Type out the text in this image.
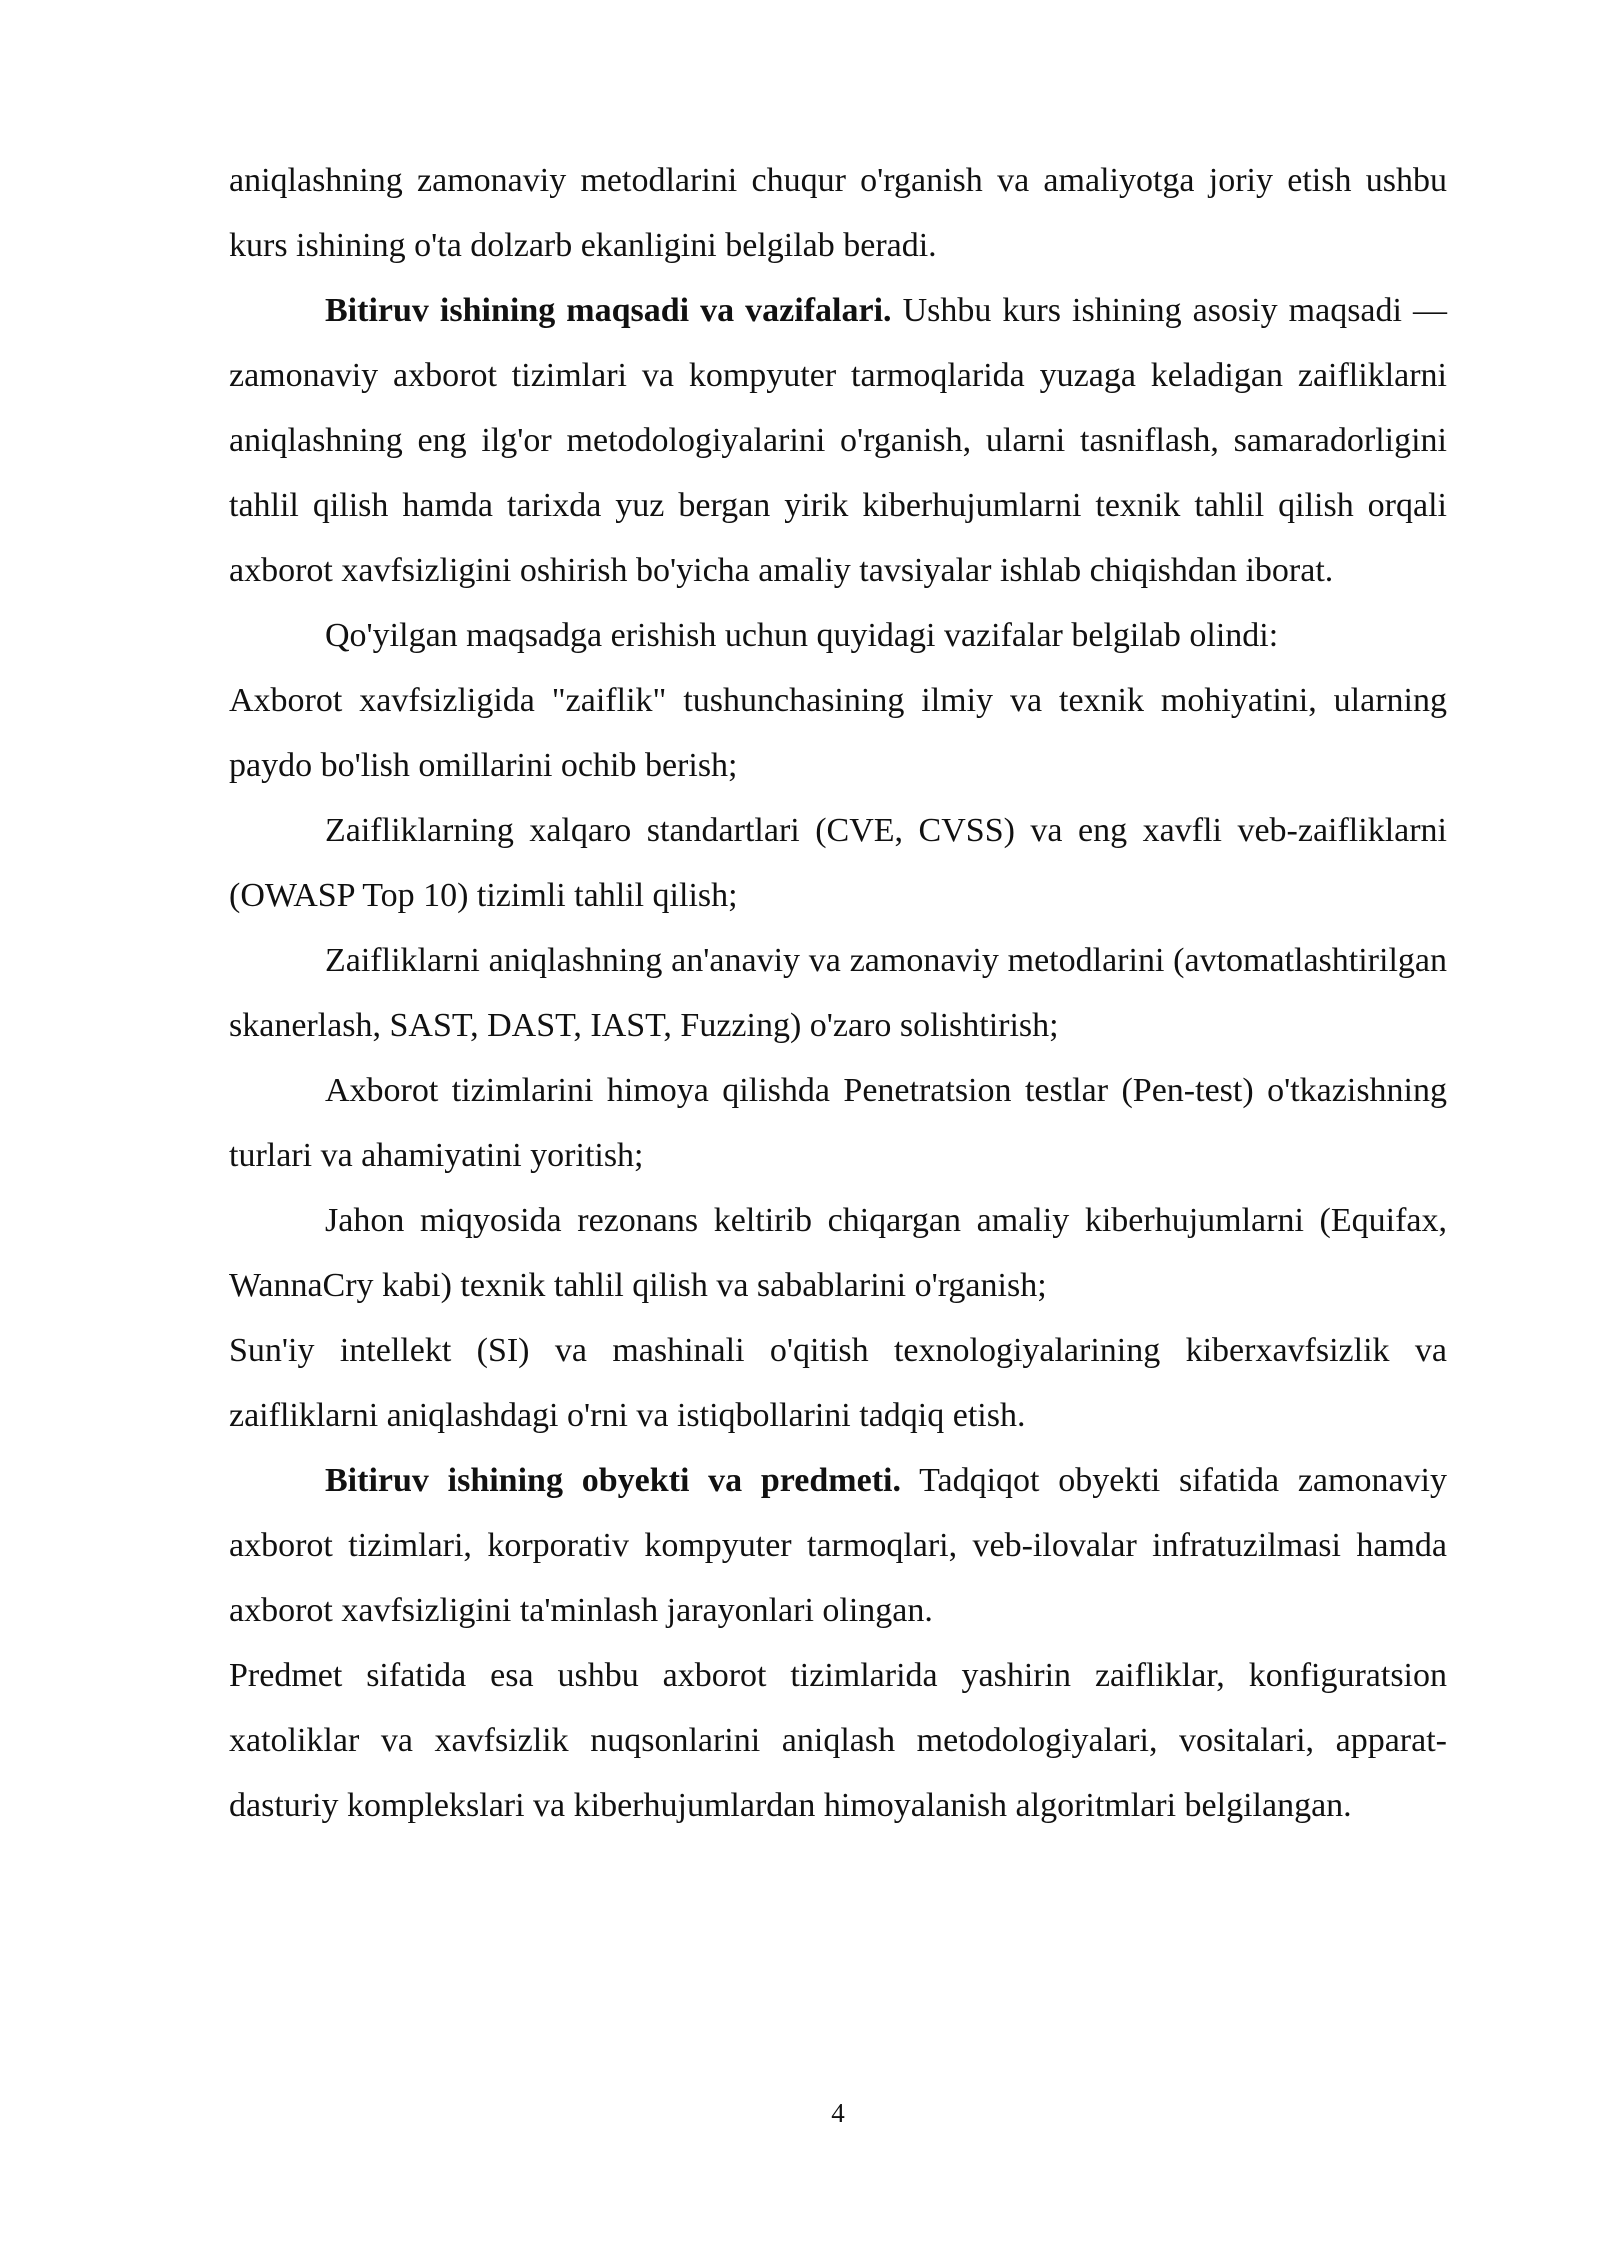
aniqlashning zamonaviy metodlarini chuqur o'rganish va amaliyotga joriy etish ushbu kurs ishining o'ta dolzarb ekanligini belgilab beradi.

Bitiruv ishining maqsadi va vazifalari. Ushbu kurs ishining asosiy maqsadi — zamonaviy axborot tizimlari va kompyuter tarmoqlarida yuzaga keladigan zaifliklarni aniqlashning eng ilg'or metodologiyalarini o'rganish, ularni tasniflash, samaradorligini tahlil qilish hamda tarixda yuz bergan yirik kiberhujumlarni texnik tahlil qilish orqali axborot xavfsizligini oshirish bo'yicha amaliy tavsiyalar ishlab chiqishdan iborat.

Qo'yilgan maqsadga erishish uchun quyidagi vazifalar belgilab olindi:

Axborot xavfsizligida "zaiflik" tushunchasining ilmiy va texnik mohiyatini, ularning paydo bo'lish omillarini ochib berish;

Zaifliklarning xalqaro standartlari (CVE, CVSS) va eng xavfli veb-zaifliklarni (OWASP Top 10) tizimli tahlil qilish;

Zaifliklarni aniqlashning an'anaviy va zamonaviy metodlarini (avtomatlashtirilgan skanerlash, SAST, DAST, IAST, Fuzzing) o'zaro solishtirish;

Axborot tizimlarini himoya qilishda Penetratsion testlar (Pen-test) o'tkazishning turlari va ahamiyatini yoritish;

Jahon miqyosida rezonans keltirib chiqargan amaliy kiberhujumlarni (Equifax, WannaCry kabi) texnik tahlil qilish va sabablarini o'rganish;

Sun'iy intellekt (SI) va mashinali o'qitish texnologiyalarining kiberxavfsizlik va zaifliklarni aniqlashdagi o'rni va istiqbollarini tadqiq etish.

Bitiruv ishining obyekti va predmeti. Tadqiqot obyekti sifatida zamonaviy axborot tizimlari, korporativ kompyuter tarmoqlari, veb-ilovalar infratuzilmasi hamda axborot xavfsizligini ta'minlash jarayonlari olingan.

Predmet sifatida esa ushbu axborot tizimlarida yashirin zaifliklar, konfiguratsion xatoliklar va xavfsizlik nuqsonlarini aniqlash metodologiyalari, vositalari, apparat-dasturiy komplekslari va kiberhujumlardan himoyalanish algoritmlari belgilangan.

4
